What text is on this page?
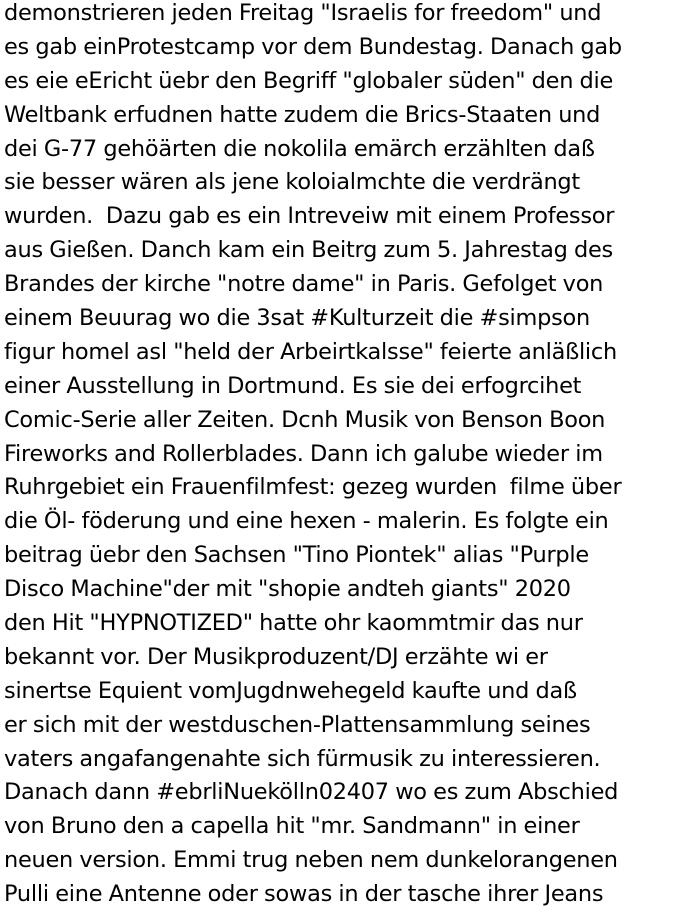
demonstrieren jeden Freitag "Israelis for freedom" und
es gab einProtestcamp vor dem Bundestag. Danach gab
es eie eEricht üebr den Begriff "globaler süden" den die
Weltbank erfudnen hatte zudem die Brics-Staaten und
dei G-77 gehöärten die nokolila emärch erzählten daß
sie besser wären als jene koloialmchte die verdrängt
wurden.  Dazu gab es ein Intreveiw mit einem Professor
aus Gießen. Danch kam ein Beitrg zum 5. Jahrestag des
Brandes der kirche "notre dame" in Paris. Gefolget von
einem Beuurag wo die 3sat #Kulturzeit die #simpson
figur homel asl "held der Arbeirtkalsse" feierte anläßlich
einer Ausstellung in Dortmund. Es sie dei erfogrcihet
Comic-Serie aller Zeiten. Dcnh Musik von Benson Boon
Fireworks and Rollerblades. Dann ich galube wieder im
Ruhrgebiet ein Frauenfilmfest: gezeg wurden  filme über
die Öl- föderung und eine hexen - malerin. Es folgte ein
beitrag üebr den Sachsen "Tino Piontek" alias "Purple
Disco Machine"der mit "shopie andteh giants" 2020
den Hit "HYPNOTIZED" hatte ohr kaommtmir das nur
bekannt vor. Der Musikproduzent/DJ erzähte wi er
sinertse Equient vomJugdnwehegeld kaufte und daß
er sich mit der westduschen-Plattensammlung seines
vaters angafangenahte sich fürmusik zu interessieren.
Danach dann #ebrliNuekölln02407 wo es zum Abschied
von Bruno den a capella hit "mr. Sandmann" in einer
neuen version. Emmi trug neben nem dunkelorangenen
Pulli eine Antenne oder sowas in der tasche ihrer Jeans
